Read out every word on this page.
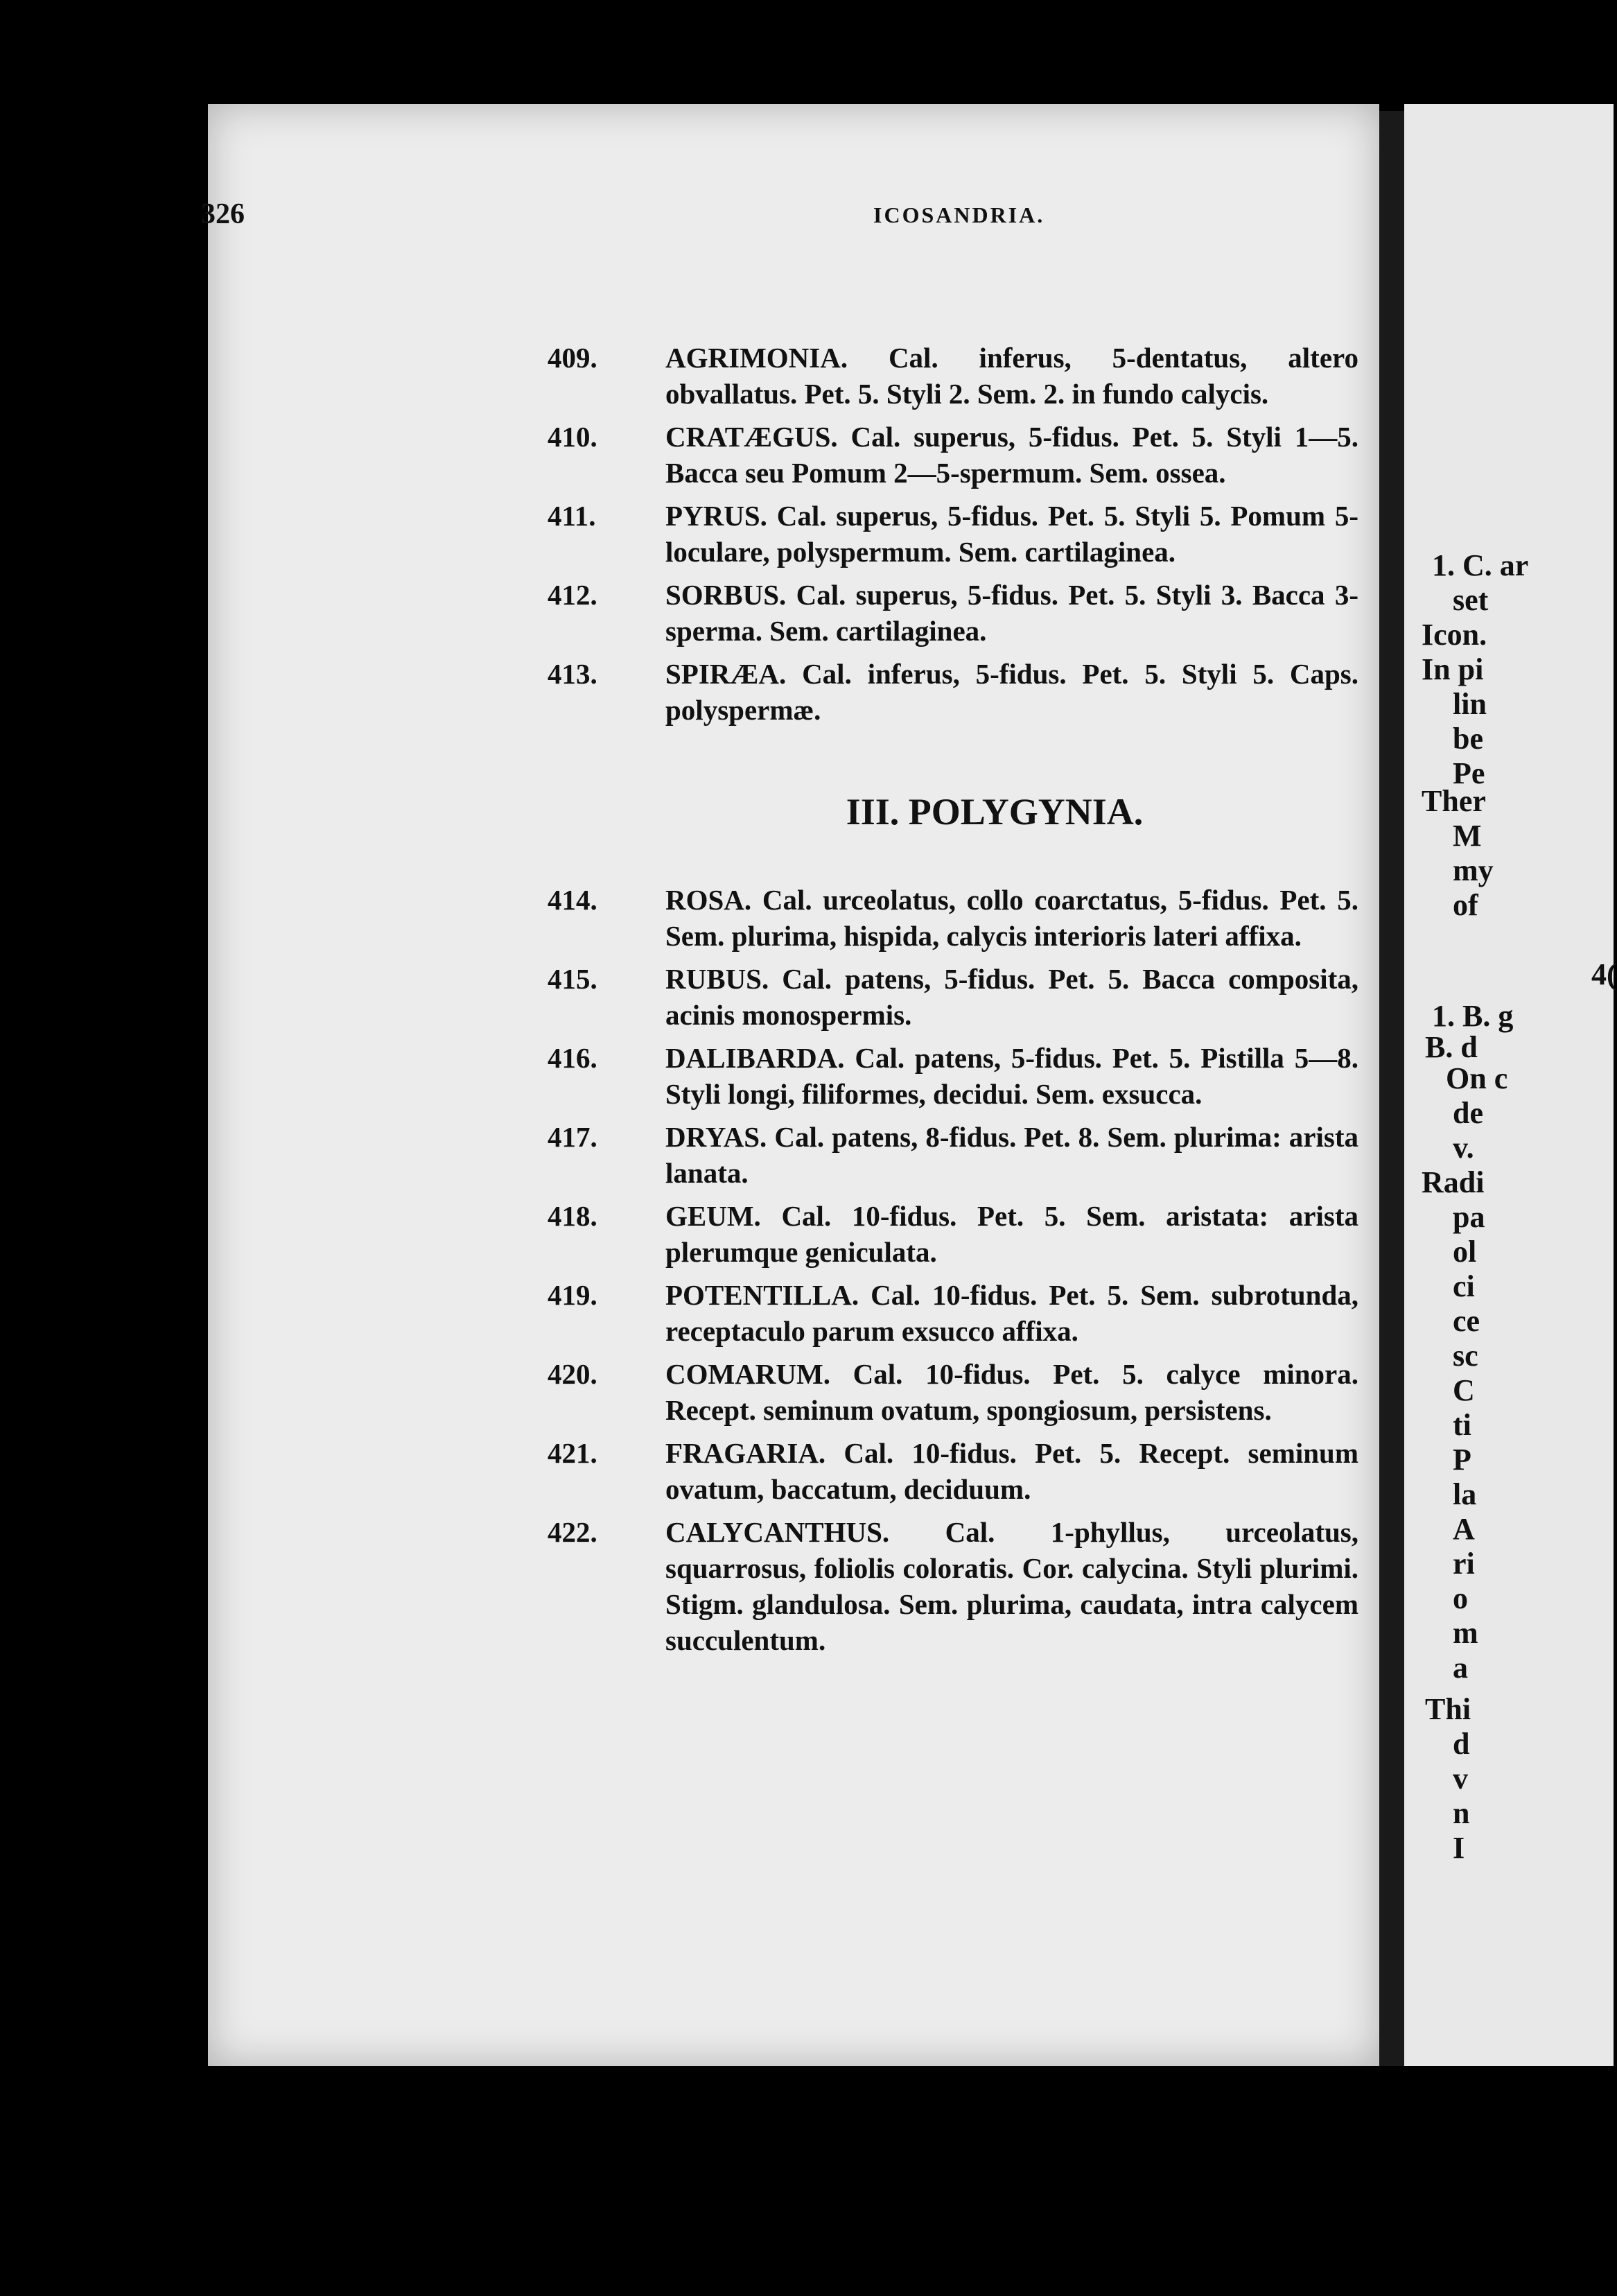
1. C. ar
set
Icon.
In pi
lin
be
Pe
Ther
M
my
of
4(
1. B. g
B. d
On c
de
v.
Radi
pa
ol
ci
ce
sc
C
ti
P
la
A
ri
o
m
a
Thi
d
v
n
I
326	ICOSANDRIA.
409. AGRIMONIA. Cal. inferus, 5-dentatus, altero obvallatus. Pet. 5. Styli 2. Sem. 2. in fundo calycis.
410. CRATÆGUS. Cal. superus, 5-fidus. Pet. 5. Styli 1—5. Bacca seu Pomum 2—5-spermum. Sem. ossea.
411. PYRUS. Cal. superus, 5-fidus. Pet. 5. Styli 5. Pomum 5-loculare, polyspermum. Sem. cartilaginea.
412. SORBUS. Cal. superus, 5-fidus. Pet. 5. Styli 3. Bacca 3-sperma. Sem. cartilaginea.
413. SPIRÆA. Cal. inferus, 5-fidus. Pet. 5. Styli 5. Caps. polyspermæ.
III. POLYGYNIA.
414. ROSA. Cal. urceolatus, collo coarctatus, 5-fidus. Pet. 5. Sem. plurima, hispida, calycis interioris lateri affixa.
415. RUBUS. Cal. patens, 5-fidus. Pet. 5. Bacca composita, acinis monospermis.
416. DALIBARDA. Cal. patens, 5-fidus. Pet. 5. Pistilla 5—8. Styli longi, filiformes, decidui. Sem. exsucca.
417. DRYAS. Cal. patens, 8-fidus. Pet. 8. Sem. plurima: arista lanata.
418. GEUM. Cal. 10-fidus. Pet. 5. Sem. aristata: arista plerumque geniculata.
419. POTENTILLA. Cal. 10-fidus. Pet. 5. Sem. subrotunda, receptaculo parum exsucco affixa.
420. COMARUM. Cal. 10-fidus. Pet. 5. calyce minora. Recept. seminum ovatum, spongiosum, persistens.
421. FRAGARIA. Cal. 10-fidus. Pet. 5. Recept. seminum ovatum, baccatum, deciduum.
422. CALYCANTHUS. Cal. 1-phyllus, urceolatus, squarrosus, foliolis coloratis. Cor. calycina. Styli plurimi. Stigm. glandulosa. Sem. plurima, caudata, intra calycem succulentum.
